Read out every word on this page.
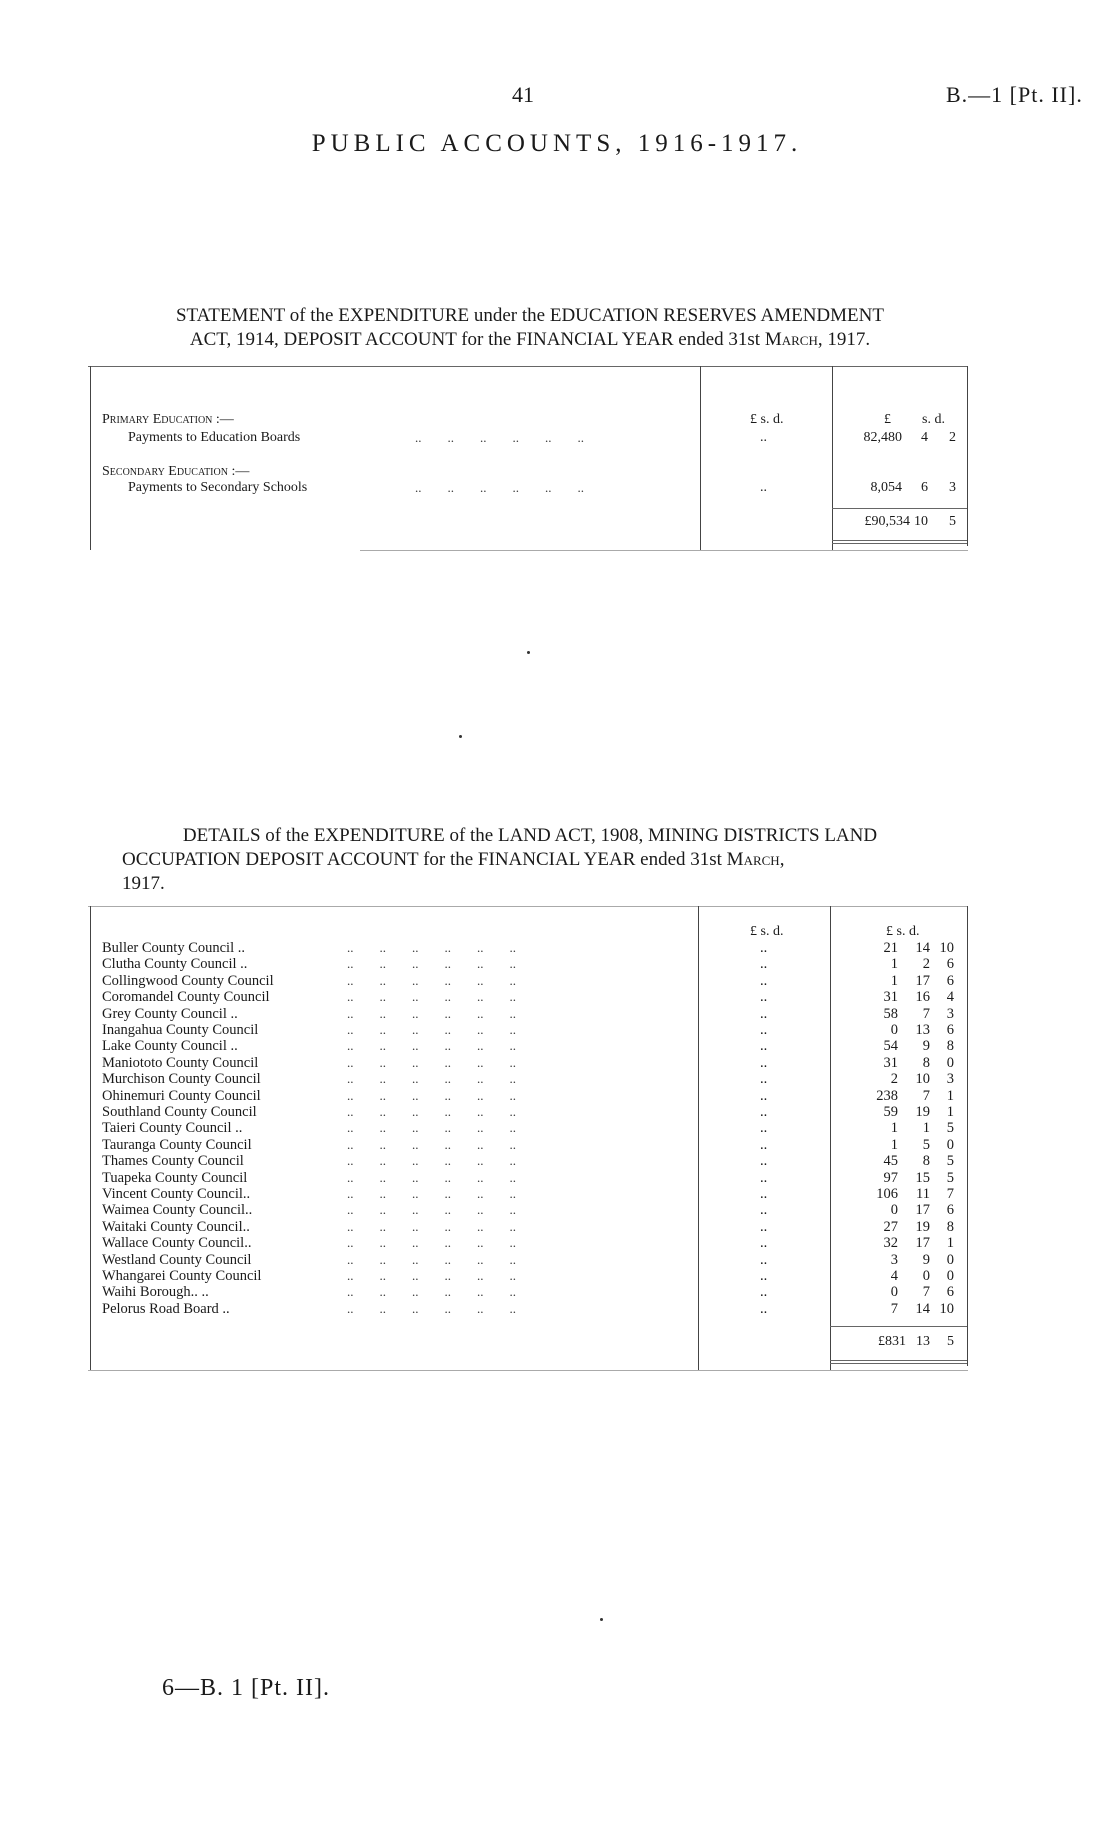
41	B.—1 [Pt. II].
PUBLIC ACCOUNTS, 1916-1917.
STATEMENT of the EXPENDITURE under the EDUCATION RESERVES AMENDMENT
ACT, 1914, DEPOSIT ACCOUNT for the FINANCIAL YEAR ended 31st March, 1917.
£ s. d.	£ s. d.
Primary Education :—
Payments to Education Boards	..        ..        ..        ..        ..        ..	..	82,480	4	2
Secondary Education :—
Payments to Secondary Schools	..        ..        ..        ..        ..        ..	..	8,054	6	3
£90,534 10	5
DETAILS of the EXPENDITURE of the LAND ACT, 1908, MINING DISTRICTS LAND
OCCUPATION DEPOSIT ACCOUNT for the FINANCIAL YEAR ended 31st March,
1917.
£ s. d.	£ s. d.
Buller County Council ..	..        ..        ..        ..        ..        ..	..	21	14 10
Clutha County Council ..	..        ..        ..        ..        ..        ..	..	1	2	6
Collingwood County Council	..        ..        ..        ..        ..        ..	..	1	17	6
Coromandel County Council	..        ..        ..        ..        ..        ..	..	31	16	4
Grey County Council ..	..        ..        ..        ..        ..        ..	..	58	7	3
Inangahua County Council	..        ..        ..        ..        ..        ..	..	0	13	6
Lake County Council ..	..        ..        ..        ..        ..        ..	..	54	9	8
Maniototo County Council	..        ..        ..        ..        ..        ..	..	31	8	0
Murchison County Council	..        ..        ..        ..        ..        ..	..	2	10	3
Ohinemuri County Council	..        ..        ..        ..        ..        ..	..	238	7	1
Southland County Council	..        ..        ..        ..        ..        ..	..	59	19	1
Taieri County Council ..	..        ..        ..        ..        ..        ..	..	1	1	5
Tauranga County Council	..        ..        ..        ..        ..        ..	..	1	5	0
Thames County Council	..        ..        ..        ..        ..        ..	..	45	8	5
Tuapeka County Council	..        ..        ..        ..        ..        ..	..	97	15	5
Vincent County Council..	..        ..        ..        ..        ..        ..	..	106	11	7
Waimea County Council..	..        ..        ..        ..        ..        ..	..	0	17	6
Waitaki County Council..	..        ..        ..        ..        ..        ..	..	27	19	8
Wallace County Council..	..        ..        ..        ..        ..        ..	..	32	17	1
Westland County Council	..        ..        ..        ..        ..        ..	..	3	9	0
Whangarei County Council	..        ..        ..        ..        ..        ..	..	4	0	0
Waihi Borough.. ..	..        ..        ..        ..        ..        ..	..	0	7	6
Pelorus Road Board ..	..        ..        ..        ..        ..        ..	..	7	14 10
£831 13	5
6—B. 1 [Pt. II].
